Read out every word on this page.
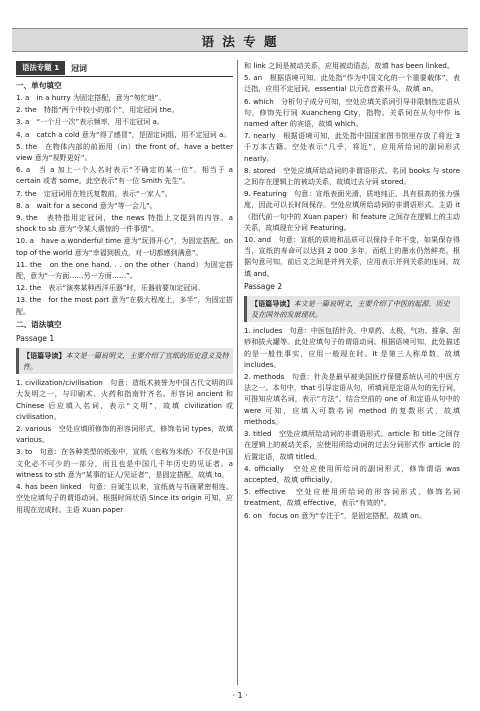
语 法 专 题
语法专题 1	冠词
一、单句填空
1. a　in a hurry 为固定搭配，意为“匆忙地”。
2. the　特指“两个中较小的那个”，用定冠词 the。
3. a　“一个月一次”表示频率，用不定冠词 a。
4. a　catch a cold 意为“得了感冒”，是固定词组，用不定冠词 a。
5. the　在物体内部的前面用（in）the front of。have a better view 意为“视野更好”。
6. a　当 a 加上一个人名时表示“不确定的某一位”，相当于 a certain 或者 some。此空表示“有一位 Smith 先生”。
7. the　定冠词用在姓氏复数前，表示“一家人”。
8. a　wait for a second 意为“等一会儿”。
9. the　表特指用定冠词，the news 特指上文提到的内容。a shock to sb 意为“令某人震惊的一件事情”。
10. a　have a wonderful time 意为“玩得开心”，为固定搭配。on top of the world 意为“幸福到极点，对一切都感到满意”。
11. the　on the one hand. . . on the other（hand）为固定搭配，意为“一方面……另一方面……”。
12. the　表示“演奏某种西洋乐器”时，乐器前要加定冠词。
13. the　for the most part 意为“在极大程度上，多半”，为固定搭配。
二、语法填空
Passage 1
【语篇导读】本文是一篇说明文，主要介绍了宣纸的历史意义及特性。
1. civilization/civilisation　句意：造纸术被誉为中国古代文明的四大发明之一，与印刷术、火药和指南针齐名。形容词 ancient 和 Chinese 后应填入名词，表示“文明”，故填 civilization 或 civilisation。
2. various　空处应填所修饰的形容词形式，修饰名词 types，故填 various。
3. to　句意：在各种类型的纸张中，宣纸（也称为米纸）不仅是中国文化必不可少的一部分，而且也是中国几千年历史的见证者。a witness to sth 意为“某事的证人/见证者”，是固定搭配，故填 to。
4. has been linked　句意：自诞生以来，宣纸就与书画紧密相连。空处应填句子的谓语动词。根据时间状语 Since its origin 可知，应用现在完成时。主语 Xuan paper
和 link 之间是被动关系，应用被动语态，故填 has been linked。
5. an　根据语境可知，此处指“作为中国文化的一个重要载体”，表泛指，应用不定冠词。essential 以元音音素开头，故填 an。
6. which　分析句子成分可知，空处应填关系词引导非限制性定语从句，修饰先行词 Xuancheng City，指物。关系词在从句中作 is named after 的宾语，故填 which。
7. nearly　根据语境可知，此处指中国国家图书馆里存放了将近 3 千万本古籍。空处表示“几乎，将近”，应用所给词的副词形式 nearly。
8. stored　空处应填所给动词的非谓语形式。名词 books 与 store 之间存在逻辑上的被动关系，故填过去分词 stored。
9. Featuring　句意：宣纸表面光滑、质地纯正，具有很高的张力强度，因此可以长时间保存。空处应填所给动词的非谓语形式。主语 it（指代前一句中的 Xuan paper）和 feature 之间存在逻辑上的主动关系，故填现在分词 Featuring。
10. and　句意：宣纸的质地和品质可以保持千年不变，如果保存得当，宣纸的寿命可以达到 2 000 多年，而纸上的墨水仍然鲜亮。根据句意可知，前后文之间是并列关系，应用表示并列关系的连词，故填 and。
Passage 2
【语篇导读】本文是一篇说明文，主要介绍了中医的起源、历史及在国外的发展现状。
1. includes　句意：中医包括针灸、中草药、太极、气功、推拿、刮痧和拔火罐等。此处应填句子的谓语动词。根据语境可知，此处描述的是一般性事实，应用一般现在时。It 是第三人称单数，故填 includes。
2. methods　句意：针灸是最早被美国医疗保健系统认可的中医方法之一。本句中，that 引导定语从句，所填词是定语从句的先行词，可推知应填名词，表示“方法”。结合空前的 one of 和定语从句中的 were 可知，应填入可数名词 method 的复数形式，故填 methods。
3. titled　空处应填所给动词的非谓语形式。article 和 title 之间存在逻辑上的被动关系，应使用所给动词的过去分词形式作 article 的后置定语，故填 titled。
4. officially　空处应使用所给词的副词形式，修饰谓语 was accepted，故填 officially。
5. effective　空处应使用所给词的形容词形式，修饰名词 treatment，故填 effective，表示“有效的”。
6. on　focus on 意为“专注于”，是固定搭配，故填 on。
· 1 ·
